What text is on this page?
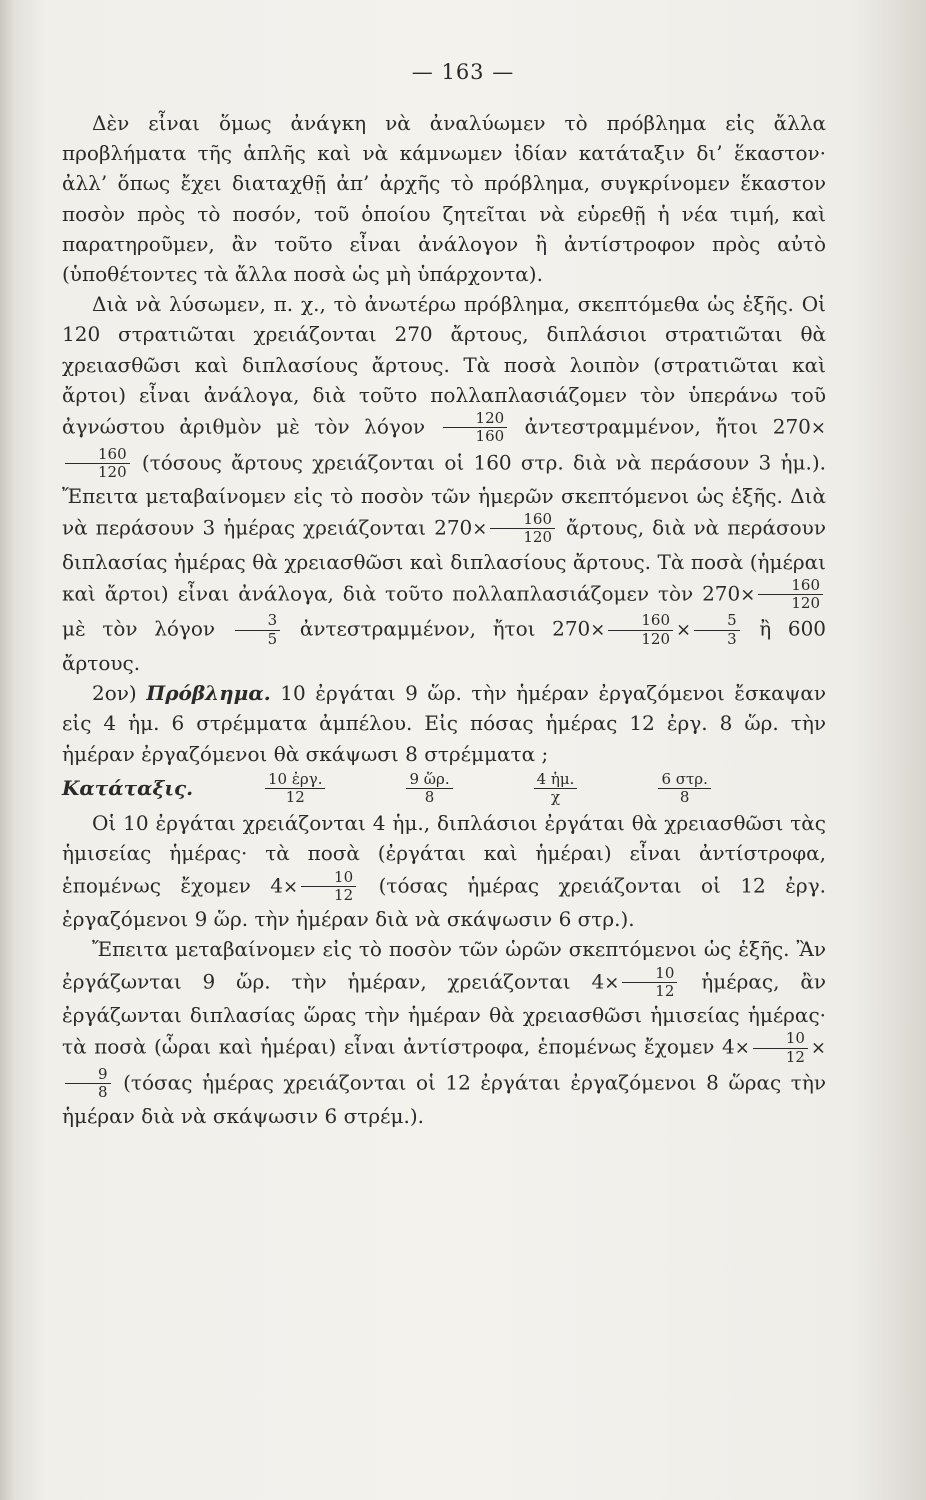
— 163 —

Δὲν εἶναι ὅμως ἀνάγκη νὰ ἀναλύωμεν τὸ πρόβλημα εἰς ἄλλα προβλήματα τῆς ἁπλῆς καὶ νὰ κάμνωμεν ἰδίαν κατάταξιν δι’ ἕκαστον· ἀλλ’ ὅπως ἔχει διαταχθῇ ἀπ’ ἀρχῆς τὸ πρόβλημα, συγκρίνομεν ἕκαστον ποσὸν πρὸς τὸ ποσόν, τοῦ ὁποίου ζητεῖται νὰ εὑρεθῇ ἡ νέα τιμή, καὶ παρατηροῦμεν, ἂν τοῦτο εἶναι ἀνάλογον ἢ ἀντίστροφον πρὸς αὐτὸ (ὑποθέτοντες τὰ ἄλλα ποσὰ ὡς μὴ ὑπάρχοντα).

Διὰ νὰ λύσωμεν, π. χ., τὸ ἀνωτέρω πρόβλημα, σκεπτόμεθα ὡς ἑξῆς. Οἱ 120 στρατιῶται χρειάζονται 270 ἄρτους, διπλάσιοι στρατιῶται θὰ χρειασθῶσι καὶ διπλασίους ἄρτους. Τὰ ποσὰ λοιπὸν (στρατιῶται καὶ ἄρτοι) εἶναι ἀνάλογα, διὰ τοῦτο πολλαπλασιάζομεν τὸν ὑπεράνω τοῦ ἀγνώστου ἀριθμὸν μὲ τὸν λόγον $\frac{120}{160}$ ἀντεστραμμένον, ἤτοι 270×
$\frac{160}{120} (\tau ό\sigma o\upsilon\varsigma$ ἄρτους χρειάζονται οἱ 160 στρ. διὰ νὰ περάσουν 3 ἡμ.). Ἔπειτα μεταβαίνομεν εἰς τὸ ποσὸν τῶν ἡμερῶν σκεπτόμενοι ὡς ἑξῆς. Διὰ νὰ περάσουν 3 ἡμέρας χρειάζονται $270\times \frac{160}{120}$ ἄρτους, διὰ νὰ περάσουν διπλασίας ἡμέρας θὰ χρειασθῶσι καὶ διπλασίους ἄρτους. Τὰ ποσὰ (ἡμέραι καὶ ἄρτοι) εἶναι ἀνάλογα, διὰ τοῦτο πολλαπλασιάζομεν τὸν $270\times \frac{160}{120}$
μὲ τὸν λόγον $\frac{3}{5}$ ἀντεστραμμένον, ἤτοι $270\times \frac{160}{120} \times \frac{5}{3}$ ἢ 600 ἄρτους.

2ον) Πρόβλημα. 10 ἐργάται 9 ὥρ. τὴν ἡμέραν ἐργαζόμενοι ἔσκαψαν εἰς 4 ἡμ. 6 στρέμματα ἀμπέλου. Εἰς πόσας ἡμέρας 12 ἐργ. 8 ὥρ. τὴν ἡμέραν ἐργαζόμενοι θὰ σκάψωσι 8 στρέμματα ;

Κατάταξις.	$\frac{\text{10 ἐργ.}}{12}$	$\frac{\text{9 ὥρ.}}{8}$	$\frac{\text{4 ἡμ.}}{\chi}$	$\frac{\text{6 στρ.}}{8}$

Οἱ 10 ἐργάται χρειάζονται 4 ἡμ., διπλάσιοι ἐργάται θὰ χρειασθῶσι τὰς ἡμισείας ἡμέρας· τὰ ποσὰ (ἐργάται καὶ ἡμέραι) εἶναι ἀντίστροφα, ἑπομένως ἔχομεν $4\times \frac{10}{12} (\tau ό\sigma\alpha\varsigma$ ἡμέρας χρειάζονται οἱ 12 ἐργ. ἐργαζόμενοι 9 ὥρ. τὴν ἡμέραν διὰ νὰ σκάψωσιν 6 στρ.).

Ἔπειτα μεταβαίνομεν εἰς τὸ ποσὸν τῶν ὡρῶν σκεπτόμενοι ὡς ἑξῆς. Ἂν ἐργάζωνται 9 ὥρ. τὴν ἡμέραν, χρειάζονται $4\times \frac{10}{12}$ ἡμέρας, ἂν ἐργάζωνται διπλασίας ὥρας τὴν ἡμέραν θὰ χρειασθῶσι ἡμισείας ἡμέρας· τὰ ποσὰ (ὧραι καὶ ἡμέραι) εἶναι ἀντίστροφα, ἑπομένως ἔχομεν $4\times \frac{10}{12}$ ×
$\frac{9}{8} (\tau ό\sigma\alpha\varsigma$ ἡμέρας χρειάζονται οἱ 12 ἐργάται ἐργαζόμενοι 8 ὥρας τὴν ἡμέραν διὰ νὰ σκάψωσιν 6 στρέμ.).
